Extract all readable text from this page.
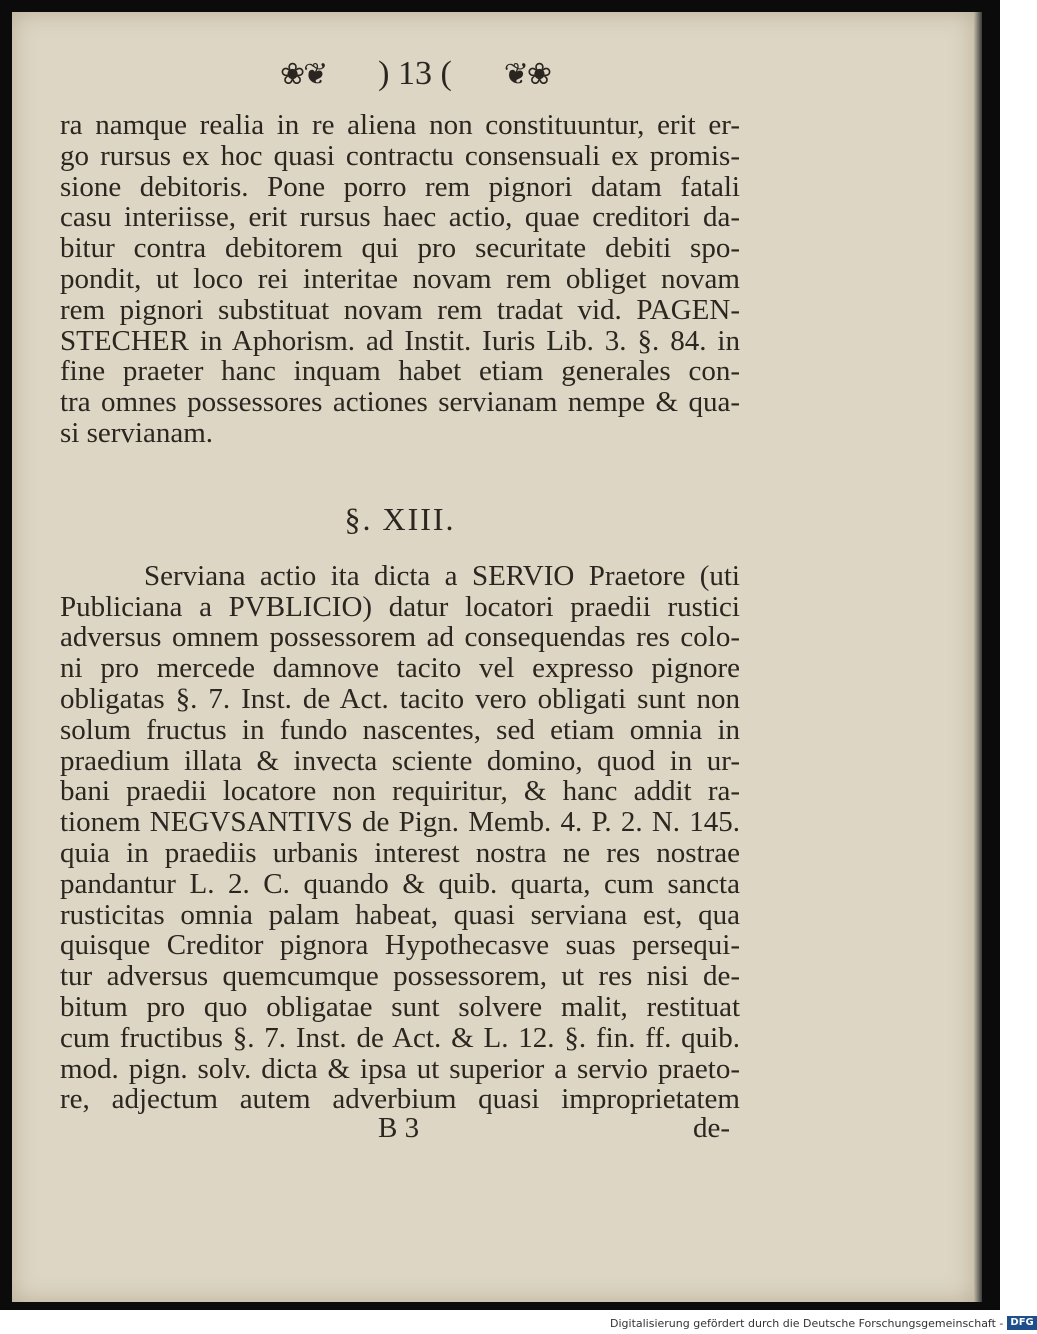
❀❦ ) 13 ( ❦❀
ra namque realia in re aliena non constituuntur, erit er-
go rursus ex hoc quasi contractu consensuali ex promis-
sione debitoris. Pone porro rem pignori datam fatali
casu interiisse, erit rursus haec actio, quae creditori da-
bitur contra debitorem qui pro securitate debiti spo-
pondit, ut loco rei interitae novam rem obliget novam
rem pignori substituat novam rem tradat vid. PAGEN-
STECHER in Aphorism. ad Instit. Iuris Lib. 3. §. 84. in
fine praeter hanc inquam habet etiam generales con-
tra omnes possessores actiones servianam nempe & qua-
si servianam.
§. XIII.
Serviana actio ita dicta a SERVIO Praetore (uti
Publiciana a PVBLICIO) datur locatori praedii rustici
adversus omnem possessorem ad consequendas res colo-
ni pro mercede damnove tacito vel expresso pignore
obligatas §. 7. Inst. de Act. tacito vero obligati sunt non
solum fructus in fundo nascentes, sed etiam omnia in
praedium illata & invecta sciente domino, quod in ur-
bani praedii locatore non requiritur, & hanc addit ra-
tionem NEGVSANTIVS de Pign. Memb. 4. P. 2. N. 145.
quia in praediis urbanis interest nostra ne res nostrae
pandantur L. 2. C. quando & quib. quarta, cum sancta
rusticitas omnia palam habeat, quasi serviana est, qua
quisque Creditor pignora Hypothecasve suas persequi-
tur adversus quemcumque possessorem, ut res nisi de-
bitum pro quo obligatae sunt solvere malit, restituat
cum fructibus §. 7. Inst. de Act. & L. 12. §. fin. ff. quib.
mod. pign. solv. dicta & ipsa ut superior a servio praeto-
re, adjectum autem adverbium quasi improprietatem
B 3	de-
Digitalisierung gefördert durch die Deutsche Forschungsgemeinschaft - DFG
